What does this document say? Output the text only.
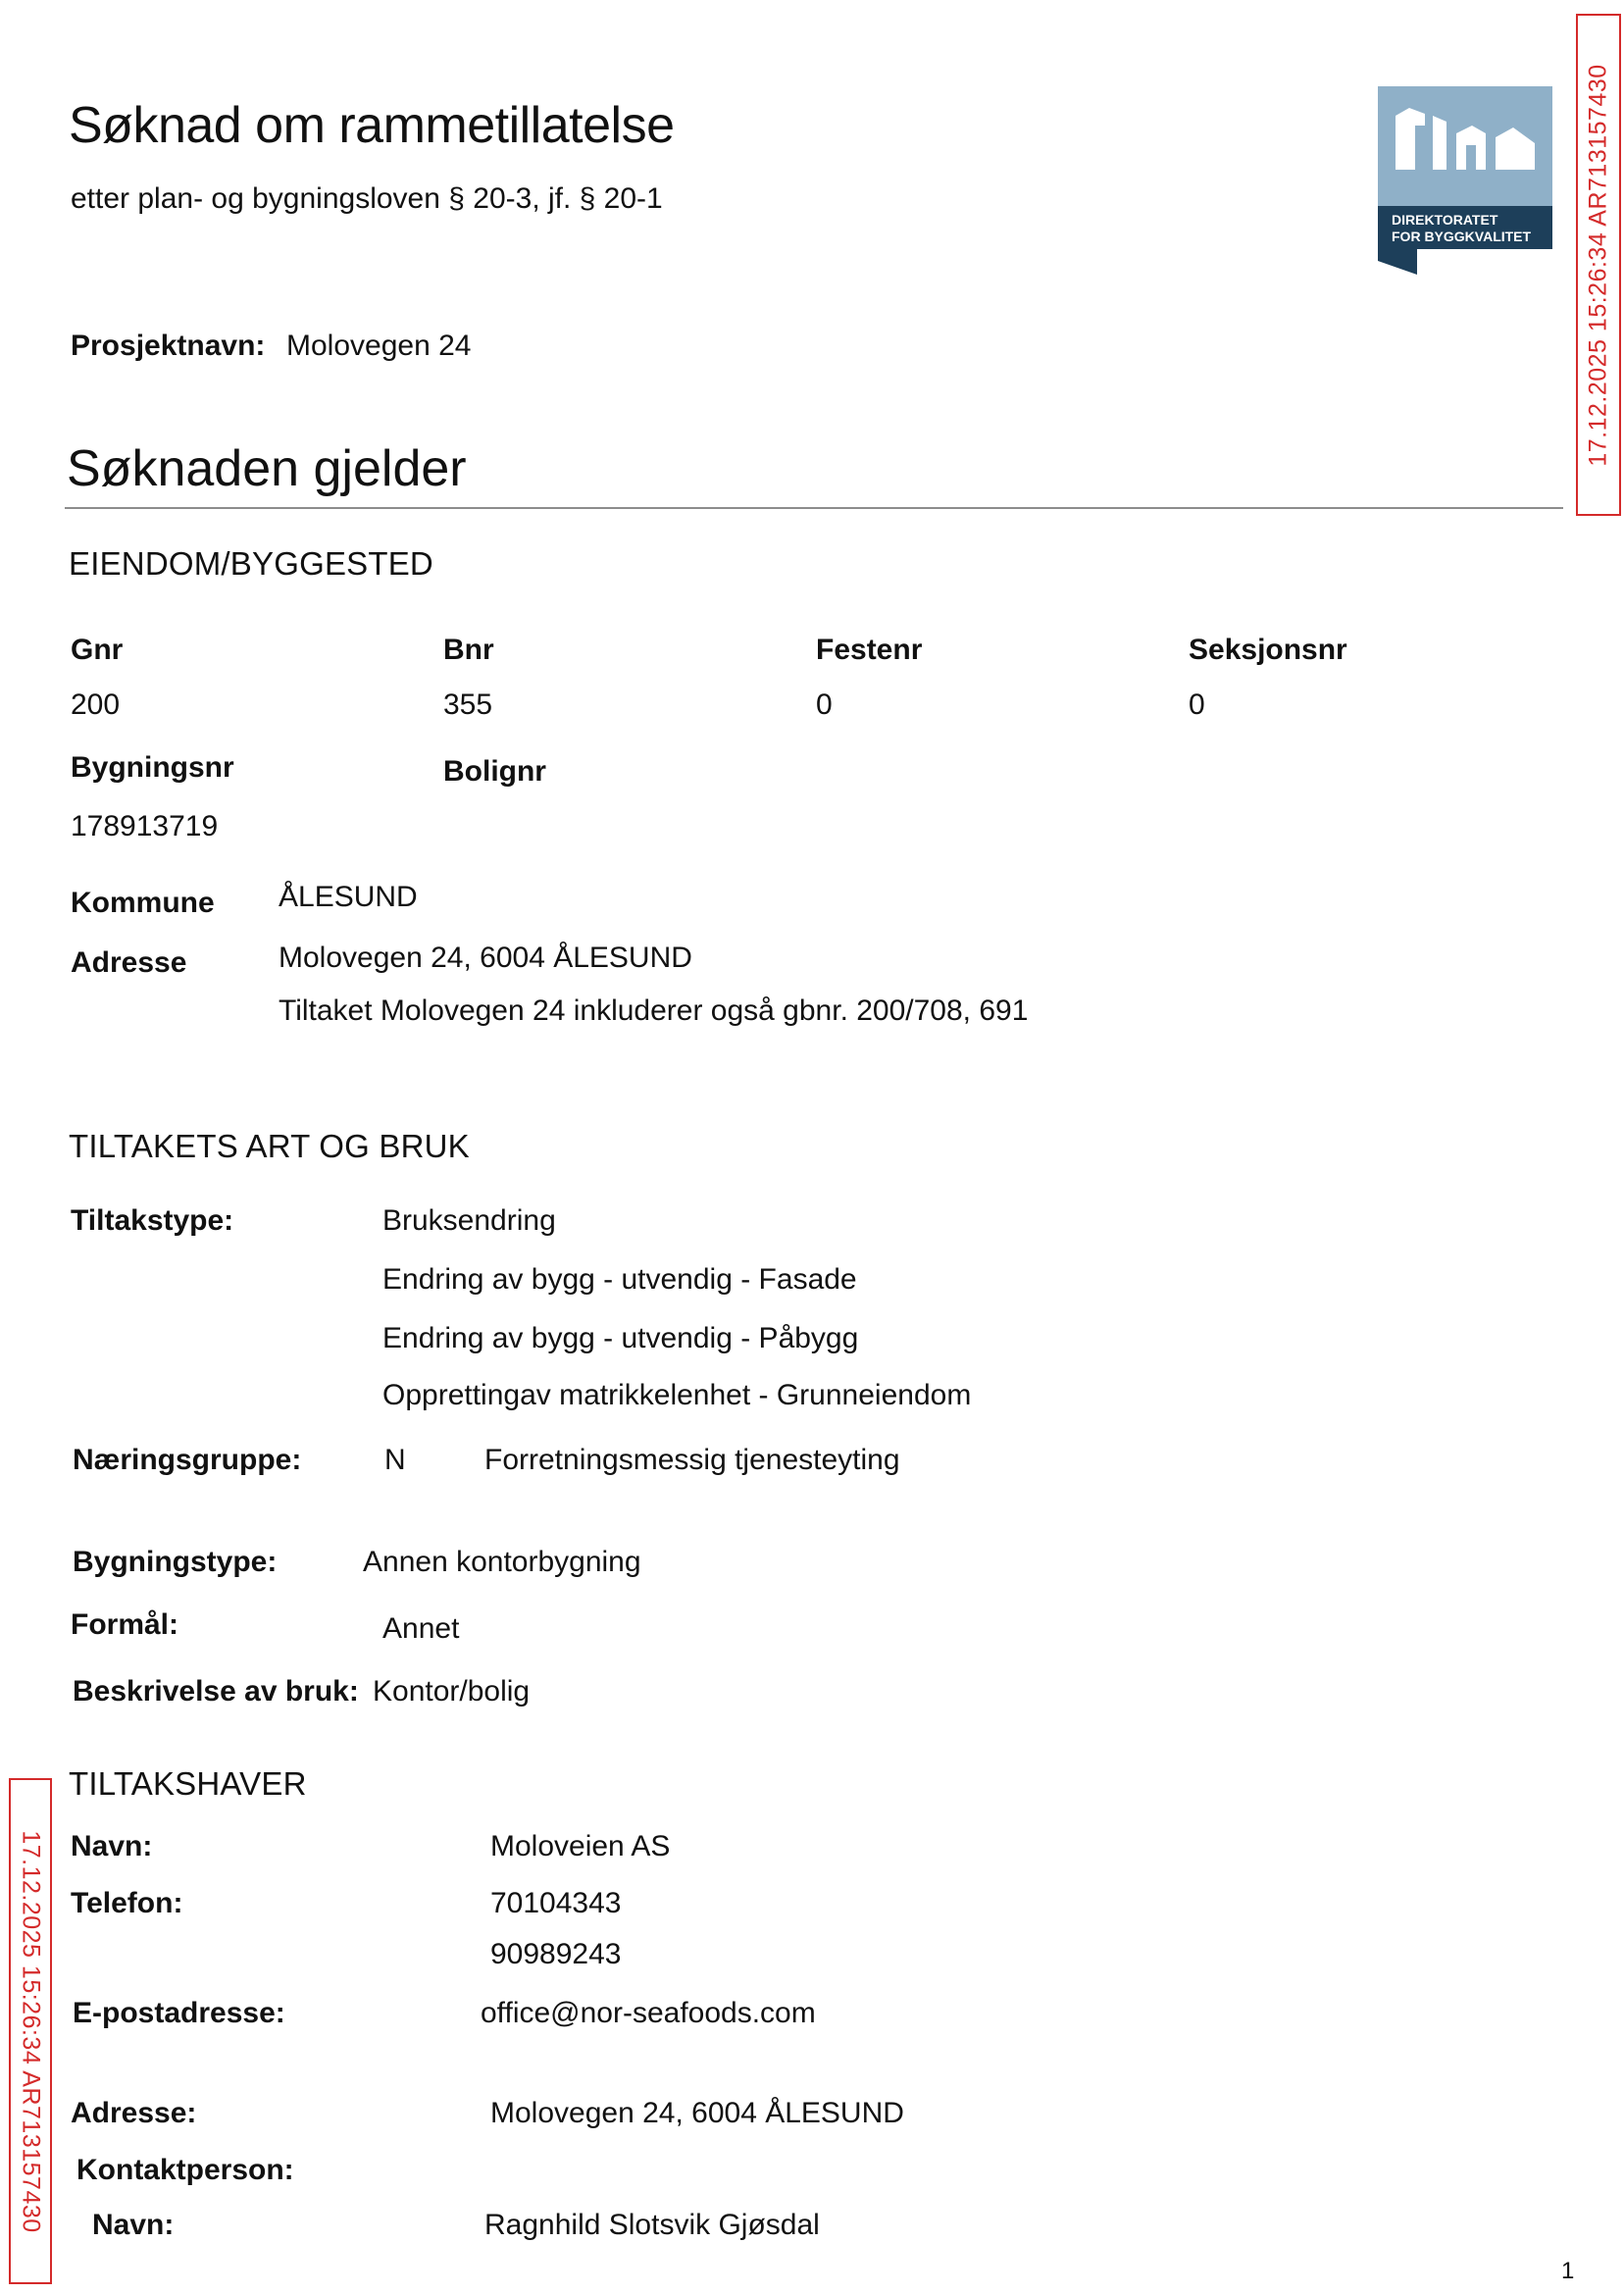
Søknad om rammetillatelse
etter plan- og bygningsloven § 20-3, jf. § 20-1
DIREKTORATET
FOR BYGGKVALITET
Prosjektnavn: Molovegen 24
Søknaden gjelder
EIENDOM/BYGGESTED
Gnr	Bnr	Festenr	Seksjonsnr
200	355	0	0
Bygningsnr	Bolignr
178913719
Kommune ÅLESUND
Adresse	Molovegen 24, 6004 ÅLESUND
Tiltaket Molovegen 24 inkluderer også gbnr. 200/708, 691
TILTAKETS ART OG BRUK
Tiltakstype:	Bruksendring
Endring av bygg - utvendig - Fasade
Endring av bygg - utvendig - Påbygg
Opprettingav matrikkelenhet - Grunneiendom
Næringsgruppe:	N	Forretningsmessig tjenesteyting
Bygningstype:	Annen kontorbygning
Formål:	Annet
Beskrivelse av bruk: Kontor/bolig
TILTAKSHAVER
Navn:	Moloveien AS
Telefon:	70104343
90989243
E-postadresse:	office@nor-seafoods.com
Adresse:	Molovegen 24, 6004 ÅLESUND
Kontaktperson:
Navn:	Ragnhild Slotsvik Gjøsdal
17.12.2025 15:26:34 AR713157430
17.12.2025 15:26:34 AR713157430
1
